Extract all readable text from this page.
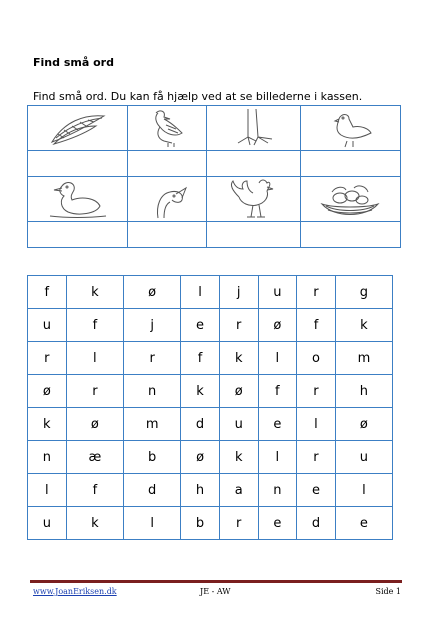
Find små ord
Find små ord. Du kan få hjælp ved at se billederne i kassen.

f	k	ø	l	j	u	r	g
u	f	j	e	r	ø	f	k
r	l	r	f	k	l	o	m
ø	r	n	k	ø	f	r	h
k	ø	m	d	u	e	l	ø
n	æ	b	ø	k	l	r	u
l	f	d	h	a	n	e	l
u	k	l	b	r	e	d	e
www.JoanEriksen.dk	JE - AW	Side 1
